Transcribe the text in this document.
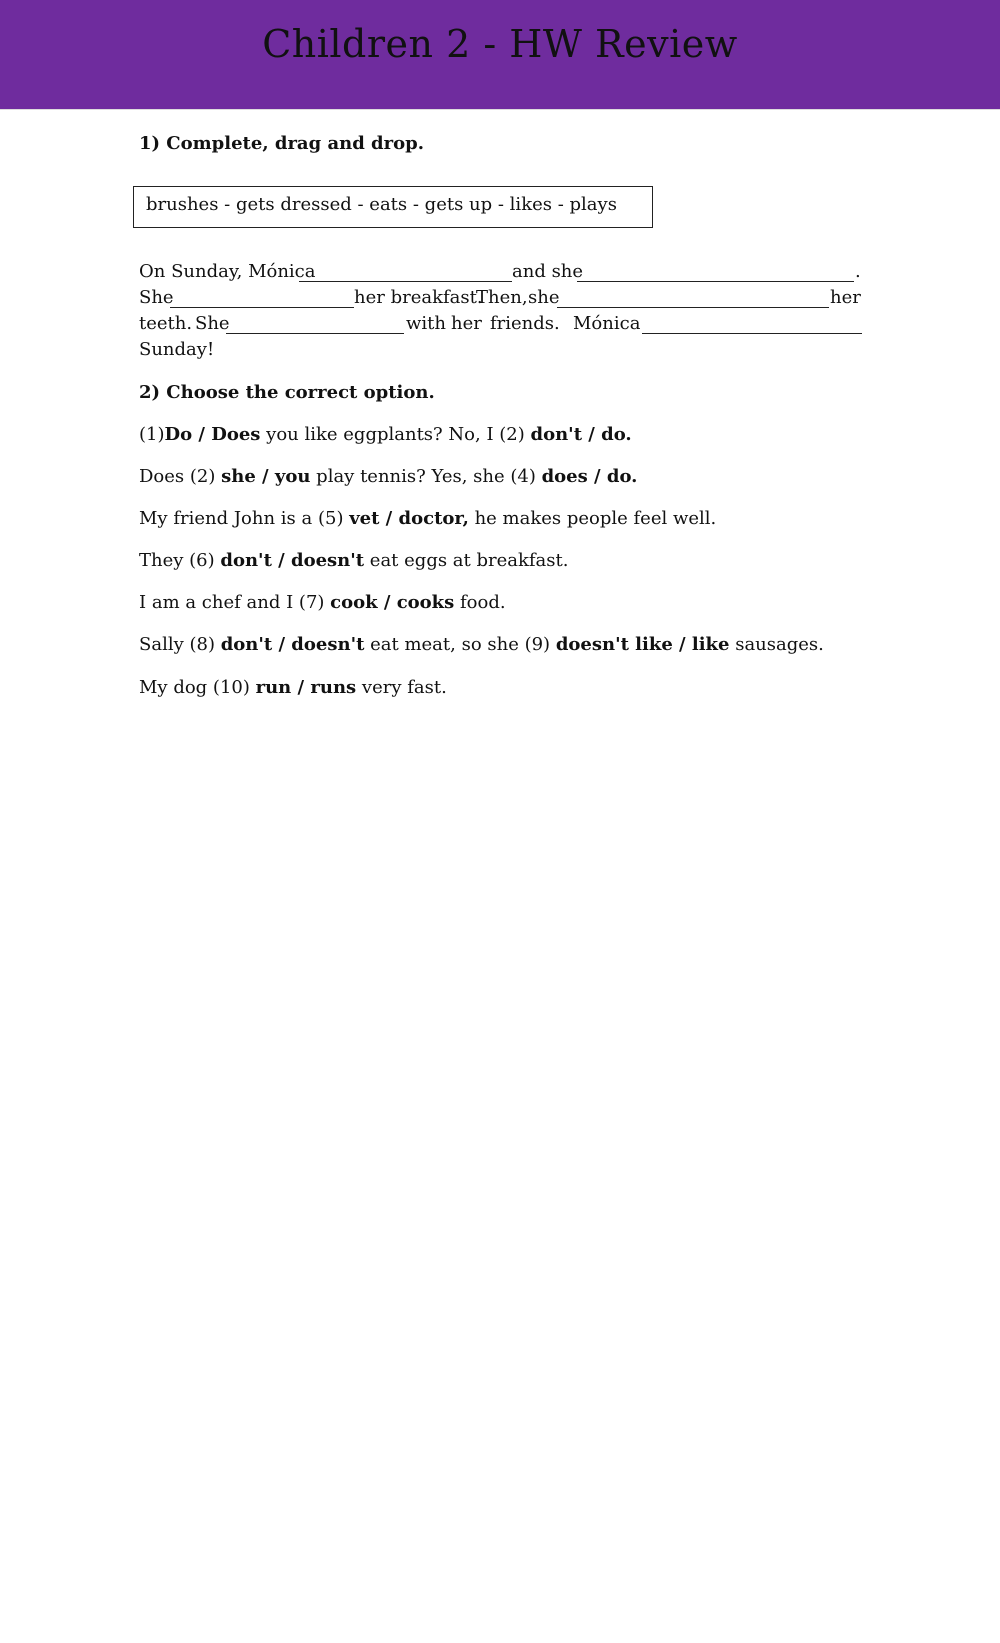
Children 2 - HW Review
1) Complete, drag and drop.
brushes - gets dressed - eats - gets up - likes - plays
On Sunday, Mónica	and she	.
She	her breakfast.
Then, she	her
teeth. She	with her friends. Mónica
Sunday!
2) Choose the correct option.
(1)Do / Does you like eggplants? No, I (2) don't / do.
Does (2) she / you play tennis? Yes, she (4) does / do.
My friend John is a (5) vet / doctor, he makes people feel well.
They (6) don't / doesn't eat eggs at breakfast.
I am a chef and I (7) cook / cooks food.
Sally (8) don't / doesn't eat meat, so she (9) doesn't like / like sausages.
My dog (10) run / runs very fast.
